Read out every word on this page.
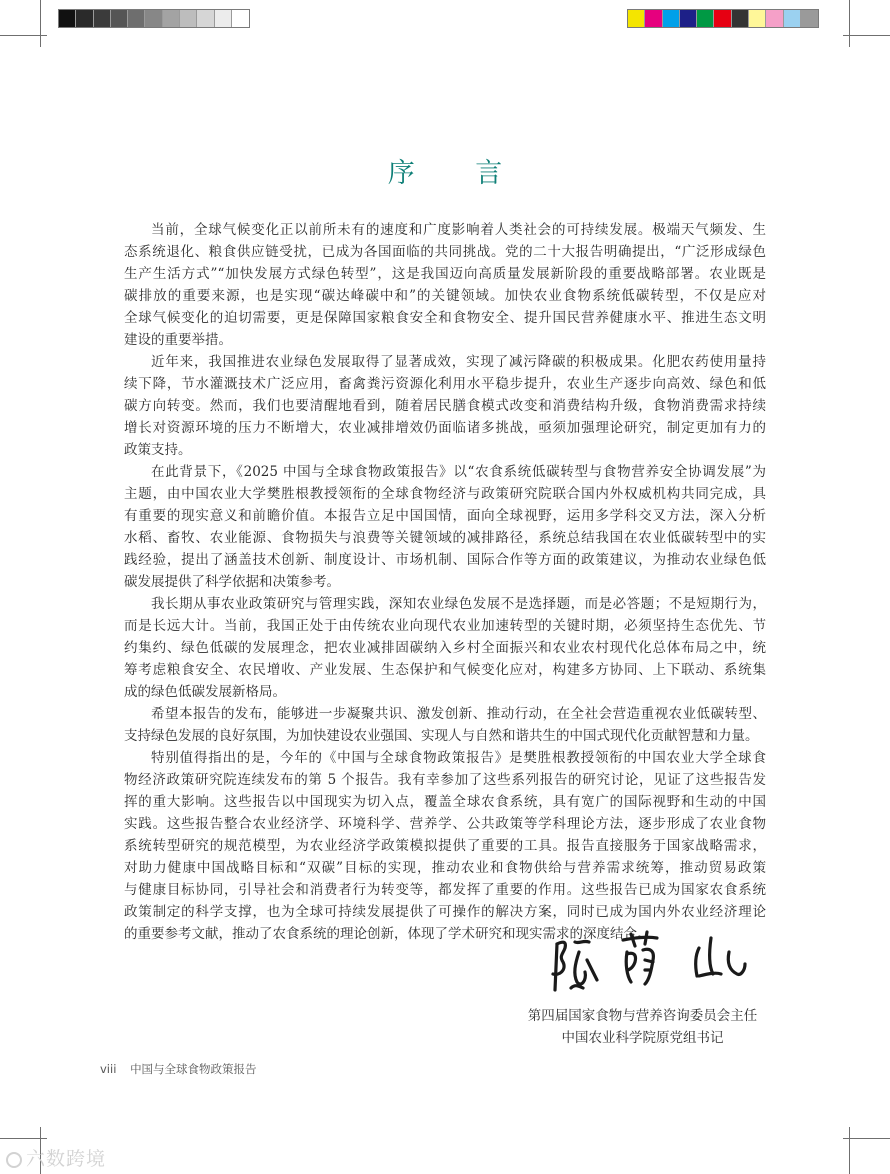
序 言
当前，全球气候变化正以前所未有的速度和广度影响着人类社会的可持续发展。极端天气频发、生
态系统退化、粮食供应链受扰，已成为各国面临的共同挑战。党的二十大报告明确提出，“广泛形成绿色
生产生活方式”“加快发展方式绿色转型”，这是我国迈向高质量发展新阶段的重要战略部署。农业既是
碳排放的重要来源，也是实现“碳达峰碳中和”的关键领域。加快农业食物系统低碳转型，不仅是应对
全球气候变化的迫切需要，更是保障国家粮食安全和食物安全、提升国民营养健康水平、推进生态文明
建设的重要举措。
近年来，我国推进农业绿色发展取得了显著成效，实现了减污降碳的积极成果。化肥农药使用量持
续下降，节水灌溉技术广泛应用，畜禽粪污资源化利用水平稳步提升，农业生产逐步向高效、绿色和低
碳方向转变。然而，我们也要清醒地看到，随着居民膳食模式改变和消费结构升级，食物消费需求持续
增长对资源环境的压力不断增大，农业减排增效仍面临诸多挑战，亟须加强理论研究，制定更加有力的
政策支持。
在此背景下，《2025 中国与全球食物政策报告》以“农食系统低碳转型与食物营养安全协调发展”为
主题，由中国农业大学樊胜根教授领衔的全球食物经济与政策研究院联合国内外权威机构共同完成，具
有重要的现实意义和前瞻价值。本报告立足中国国情，面向全球视野，运用多学科交叉方法，深入分析
水稻、畜牧、农业能源、食物损失与浪费等关键领域的减排路径，系统总结我国在农业低碳转型中的实
践经验，提出了涵盖技术创新、制度设计、市场机制、国际合作等方面的政策建议，为推动农业绿色低
碳发展提供了科学依据和决策参考。
我长期从事农业政策研究与管理实践，深知农业绿色发展不是选择题，而是必答题；不是短期行为，
而是长远大计。当前，我国正处于由传统农业向现代农业加速转型的关键时期，必须坚持生态优先、节
约集约、绿色低碳的发展理念，把农业减排固碳纳入乡村全面振兴和农业农村现代化总体布局之中，统
筹考虑粮食安全、农民增收、产业发展、生态保护和气候变化应对，构建多方协同、上下联动、系统集
成的绿色低碳发展新格局。
希望本报告的发布，能够进一步凝聚共识、激发创新、推动行动，在全社会营造重视农业低碳转型、
支持绿色发展的良好氛围，为加快建设农业强国、实现人与自然和谐共生的中国式现代化贡献智慧和力量。
特别值得指出的是，今年的《中国与全球食物政策报告》是樊胜根教授领衔的中国农业大学全球食
物经济政策研究院连续发布的第 5 个报告。我有幸参加了这些系列报告的研究讨论，见证了这些报告发
挥的重大影响。这些报告以中国现实为切入点，覆盖全球农食系统，具有宽广的国际视野和生动的中国
实践。这些报告整合农业经济学、环境科学、营养学、公共政策等学科理论方法，逐步形成了农业食物
系统转型研究的规范模型，为农业经济学政策模拟提供了重要的工具。报告直接服务于国家战略需求，
对助力健康中国战略目标和“双碳”目标的实现，推动农业和食物供给与营养需求统筹，推动贸易政策
与健康目标协同，引导社会和消费者行为转变等，都发挥了重要的作用。这些报告已成为国家农食系统
政策制定的科学支撑，也为全球可持续发展提供了可操作的解决方案，同时已成为国内外农业经济理论
的重要参考文献，推动了农食系统的理论创新，体现了学术研究和现实需求的深度结合。
第四届国家食物与营养咨询委员会主任
中国农业科学院原党组书记
viii 中国与全球食物政策报告
六数跨境
